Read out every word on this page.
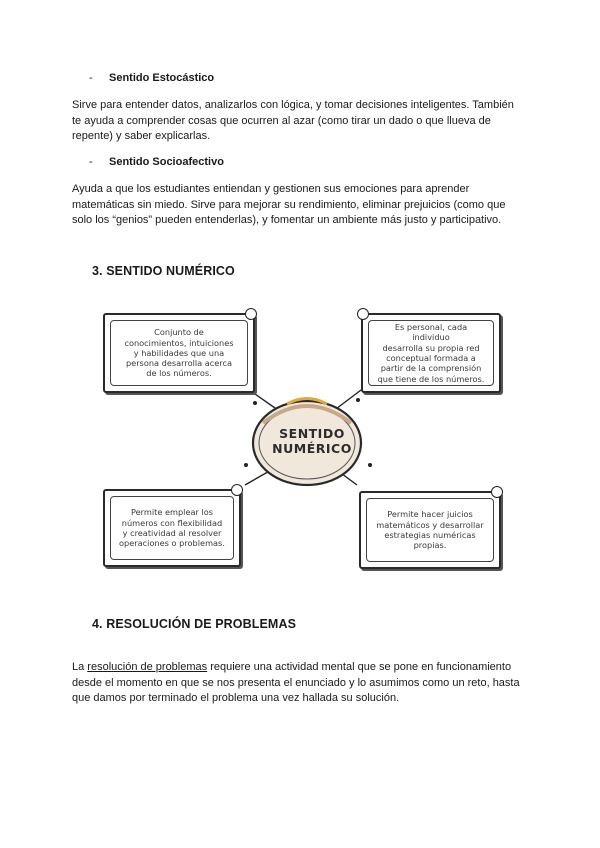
- Sentido Estocástico
Sirve para entender datos, analizarlos con lógica, y tomar decisiones inteligentes. También
te ayuda a comprender cosas que ocurren al azar (como tirar un dado o que llueva de
repente) y saber explicarlas.
- Sentido Socioafectivo
Ayuda a que los estudiantes entiendan y gestionen sus emociones para aprender
matemáticas sin miedo. Sirve para mejorar su rendimiento, eliminar prejuicios (como que
solo los “genios” pueden entenderlas), y fomentar un ambiente más justo y participativo.
3. SENTIDO NUMÉRICO
Conjunto de
conocimientos, intuiciones
y habilidades que una
persona desarrolla acerca
de los números.
Es personal, cada individuo
desarrolla su propia red
conceptual formada a
partir de la comprensión
que tiene de los números.
Permite emplear los
números con flexibilidad
y creatividad al resolver
operaciones o problemas.
Permite hacer juicios
matemáticos y desarrollar
estrategias numéricas
propias.
SENTIDO
NUMÉRICO
4. RESOLUCIÓN DE PROBLEMAS
La resolución de problemas requiere una actividad mental que se pone en funcionamiento
desde el momento en que se nos presenta el enunciado y lo asumimos como un reto, hasta
que damos por terminado el problema una vez hallada su solución.
